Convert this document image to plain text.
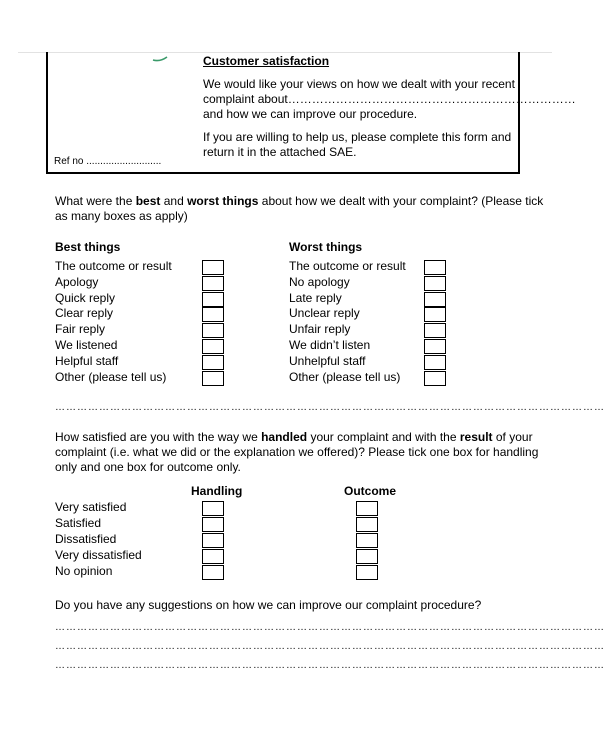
Customer satisfaction
We would like your views on how we dealt with your recent
complaint about………………………………………………………………
and how we can improve our procedure.
If you are willing to help us, please complete this form and
return it in the attached SAE.
Ref no ...........................
What were the best and worst things about how we dealt with your complaint? (Please tick
as many boxes as apply)
Best things	Worst things
The outcome or result
Apology
Quick reply
Clear reply
Fair reply
We listened
Helpful staff
Other (please tell us)
The outcome or result
No apology
Late reply
Unclear reply
Unfair reply
We didn’t listen
Unhelpful staff
Other (please tell us)
……………………………………………………………………………………………………………………………………
How satisfied are you with the way we handled your complaint and with the result of your
complaint (i.e. what we did or the explanation we offered)? Please tick one box for handling
only and one box for outcome only.
Handling	Outcome
Very satisfied
Satisfied
Dissatisfied
Very dissatisfied
No opinion
Do you have any suggestions on how we can improve our complaint procedure?
……………………………………………………………………………………………………………………………………
……………………………………………………………………………………………………………………………………
……………………………………………………………………………………………………………………………………
